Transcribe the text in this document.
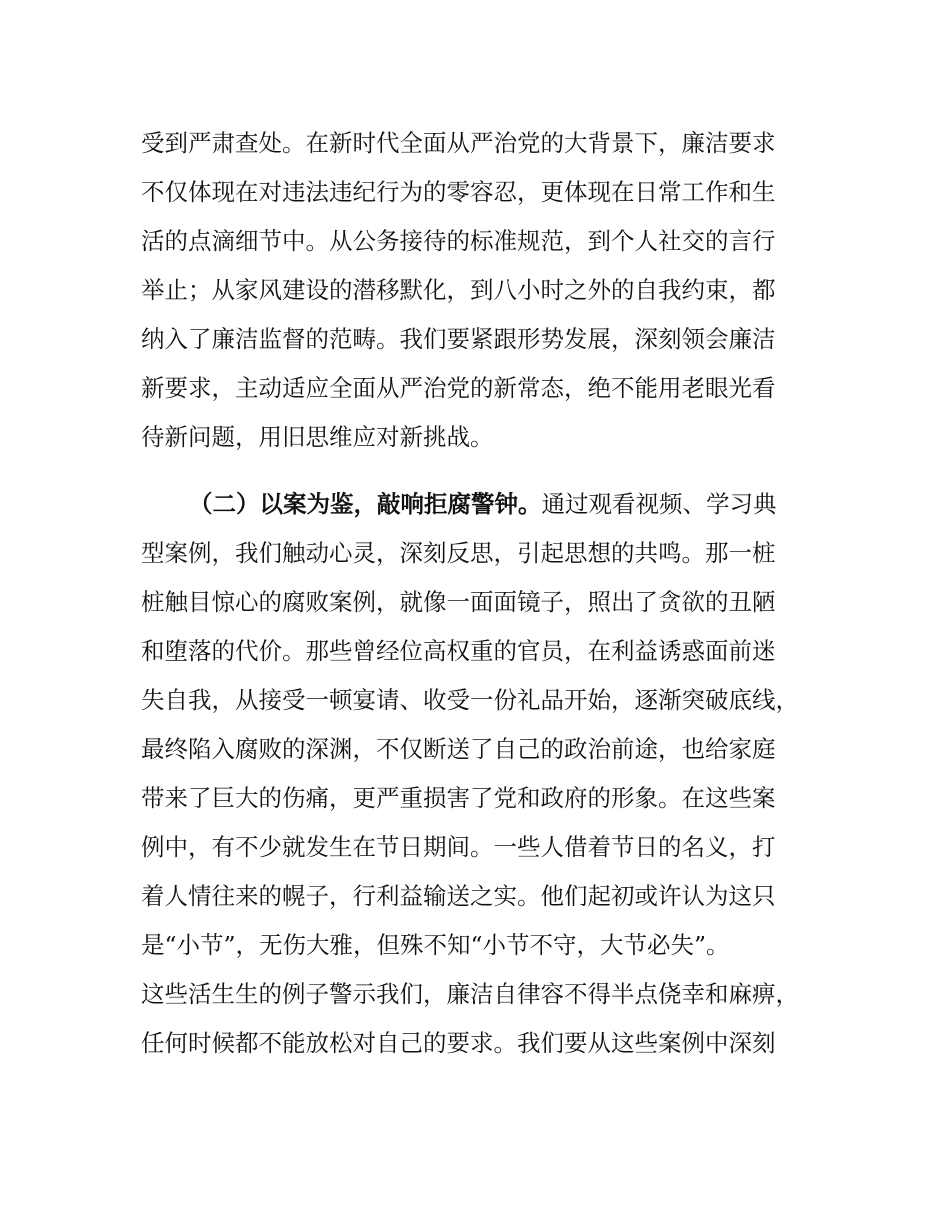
受到严肃查处。在新时代全面从严治党的大背景下，廉洁要求
不仅体现在对违法违纪行为的零容忍，更体现在日常工作和生
活的点滴细节中。从公务接待的标准规范，到个人社交的言行
举止；从家风建设的潜移默化，到八小时之外的自我约束，都
纳入了廉洁监督的范畴。我们要紧跟形势发展，深刻领会廉洁
新要求，主动适应全面从严治党的新常态，绝不能用老眼光看
待新问题，用旧思维应对新挑战。
（二）以案为鉴，敲响拒腐警钟。通过观看视频、学习典
型案例，我们触动心灵，深刻反思，引起思想的共鸣。那一桩
桩触目惊心的腐败案例，就像一面面镜子，照出了贪欲的丑陋
和堕落的代价。那些曾经位高权重的官员，在利益诱惑面前迷
失自我，从接受一顿宴请、收受一份礼品开始，逐渐突破底线，
最终陷入腐败的深渊，不仅断送了自己的政治前途，也给家庭
带来了巨大的伤痛，更严重损害了党和政府的形象。在这些案
例中，有不少就发生在节日期间。一些人借着节日的名义，打
着人情往来的幌子，行利益输送之实。他们起初或许认为这只
是“小节”，无伤大雅，但殊不知“小节不守，大节必失”。
这些活生生的例子警示我们，廉洁自律容不得半点侥幸和麻痹，
任何时候都不能放松对自己的要求。我们要从这些案例中深刻
